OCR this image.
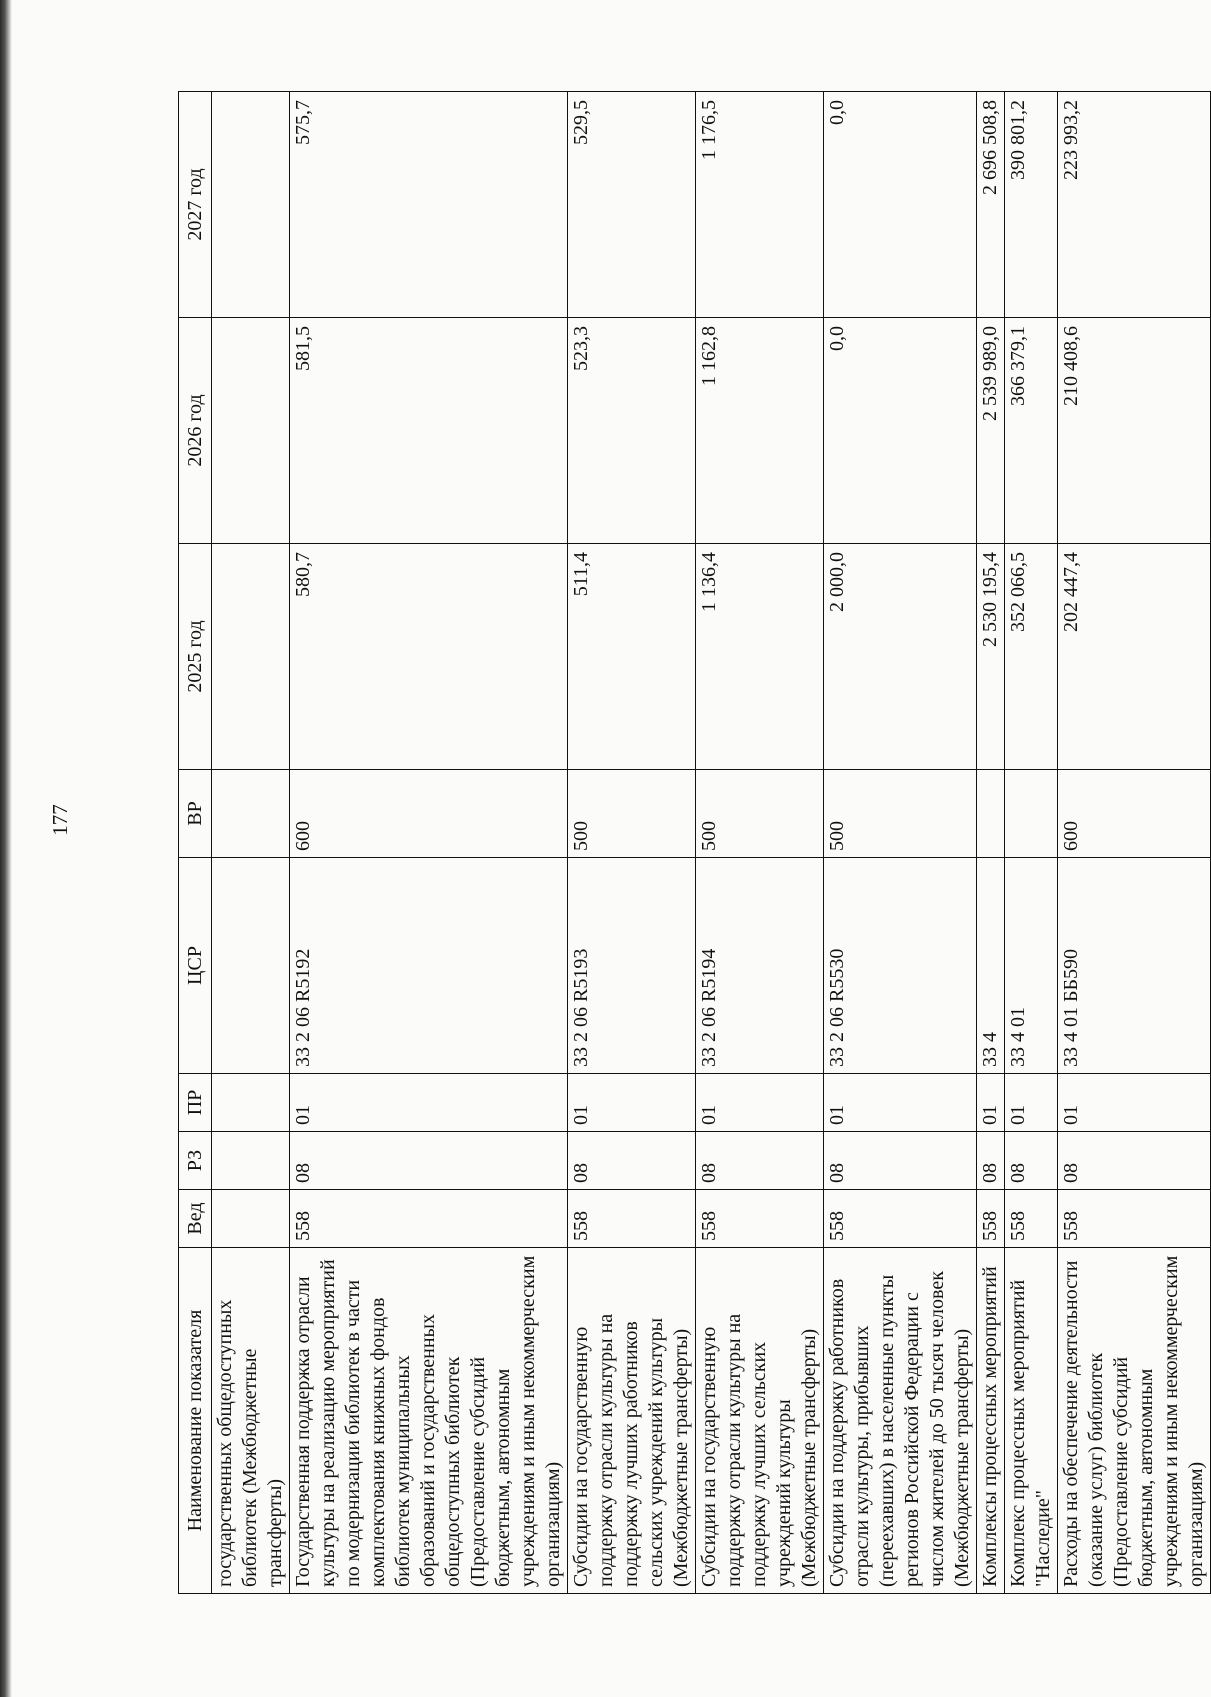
177
Наименование показателя	Вед	РЗ	ПР	ЦСР	ВР	2025 год	2026 год	2027 год
государственных общедоступных библиотек (Межбюджетные трансферты)								
Государственная поддержка отрасли культуры на реализацию мероприятий по модернизации библиотек в части комплектования книжных фондов библиотек муниципальных образований и государственных общедоступных библиотек (Предоставление субсидий бюджетным, автономным учреждениям и иным некоммерческим организациям)	558	08	01	33 2 06 R5192	600	580,7	581,5	575,7
Субсидии на государственную поддержку отрасли культуры на поддержку лучших работников сельских учреждений культуры (Межбюджетные трансферты)	558	08	01	33 2 06 R5193	500	511,4	523,3	529,5
Субсидии на государственную поддержку отрасли культуры на поддержку лучших сельских учреждений культуры (Межбюджетные трансферты)	558	08	01	33 2 06 R5194	500	1 136,4	1 162,8	1 176,5
Субсидии на поддержку работников отрасли культуры, прибывших (переехавших) в населенные пункты регионов Российской Федерации с числом жителей до 50 тысяч человек (Межбюджетные трансферты)	558	08	01	33 2 06 R5530	500	2 000,0	0,0	0,0
Комплексы процессных мероприятий	558	08	01	33 4		2 530 195,4	2 539 989,0	2 696 508,8
Комплекс процессных мероприятий "Наследие"	558	08	01	33 4 01		352 066,5	366 379,1	390 801,2
Расходы на обеспечение деятельности (оказание услуг) библиотек (Предоставление субсидий бюджетным, автономным учреждениям и иным некоммерческим организациям)	558	08	01	33 4 01 ББ590	600	202 447,4	210 408,6	223 993,2
